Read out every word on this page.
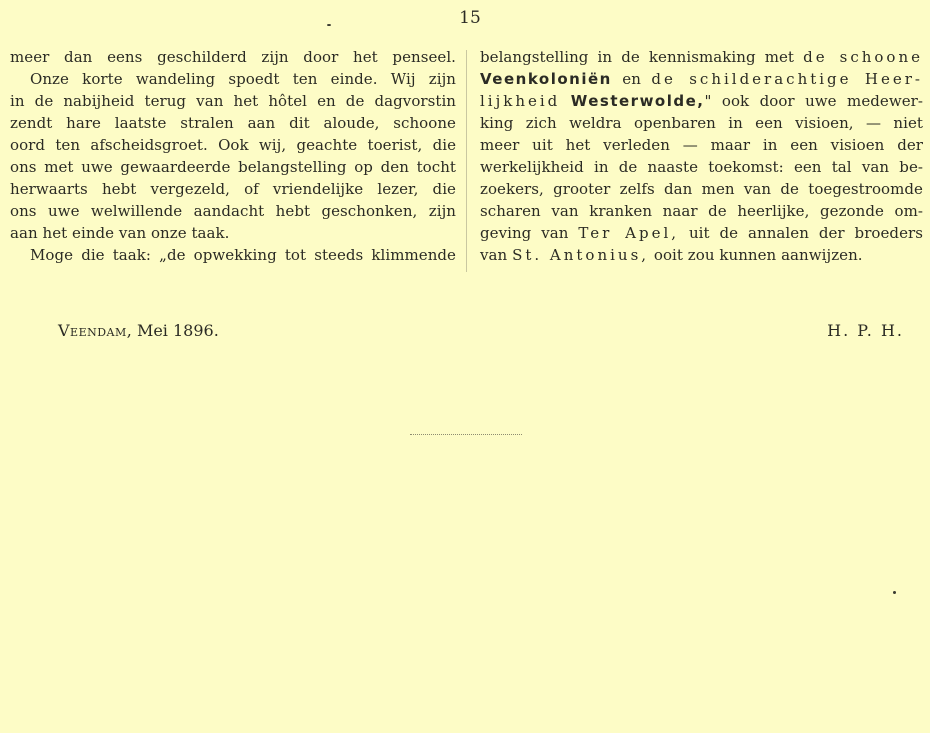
15
meer dan eens geschilderd zijn door het penseel.
Onze korte wandeling spoedt ten einde. Wij zijn
in de nabijheid terug van het hôtel en de dagvorstin
zendt hare laatste stralen aan dit aloude, schoone
oord ten afscheidsgroet. Ook wij, geachte toerist, die
ons met uwe gewaardeerde belangstelling op den tocht
herwaarts hebt vergezeld, of vriendelijke lezer, die
ons uwe welwillende aandacht hebt geschonken, zijn
aan het einde van onze taak.
Moge die taak: „de opwekking tot steeds klimmende
belangstelling in de kennismaking met de schoone
Veenkoloniën en de schilderachtige Heer-
lijkheid Westerwolde," ook door uwe medewer-
king zich weldra openbaren in een visioen, — niet
meer uit het verleden — maar in een visioen der
werkelijkheid in de naaste toekomst: een tal van be-
zoekers, grooter zelfs dan men van de toegestroomde
scharen van kranken naar de heerlijke, gezonde om-
geving van Ter Apel, uit de annalen der broeders
van St. Antonius, ooit zou kunnen aanwijzen.
Veendam, Mei 1896.	H. P. H.
